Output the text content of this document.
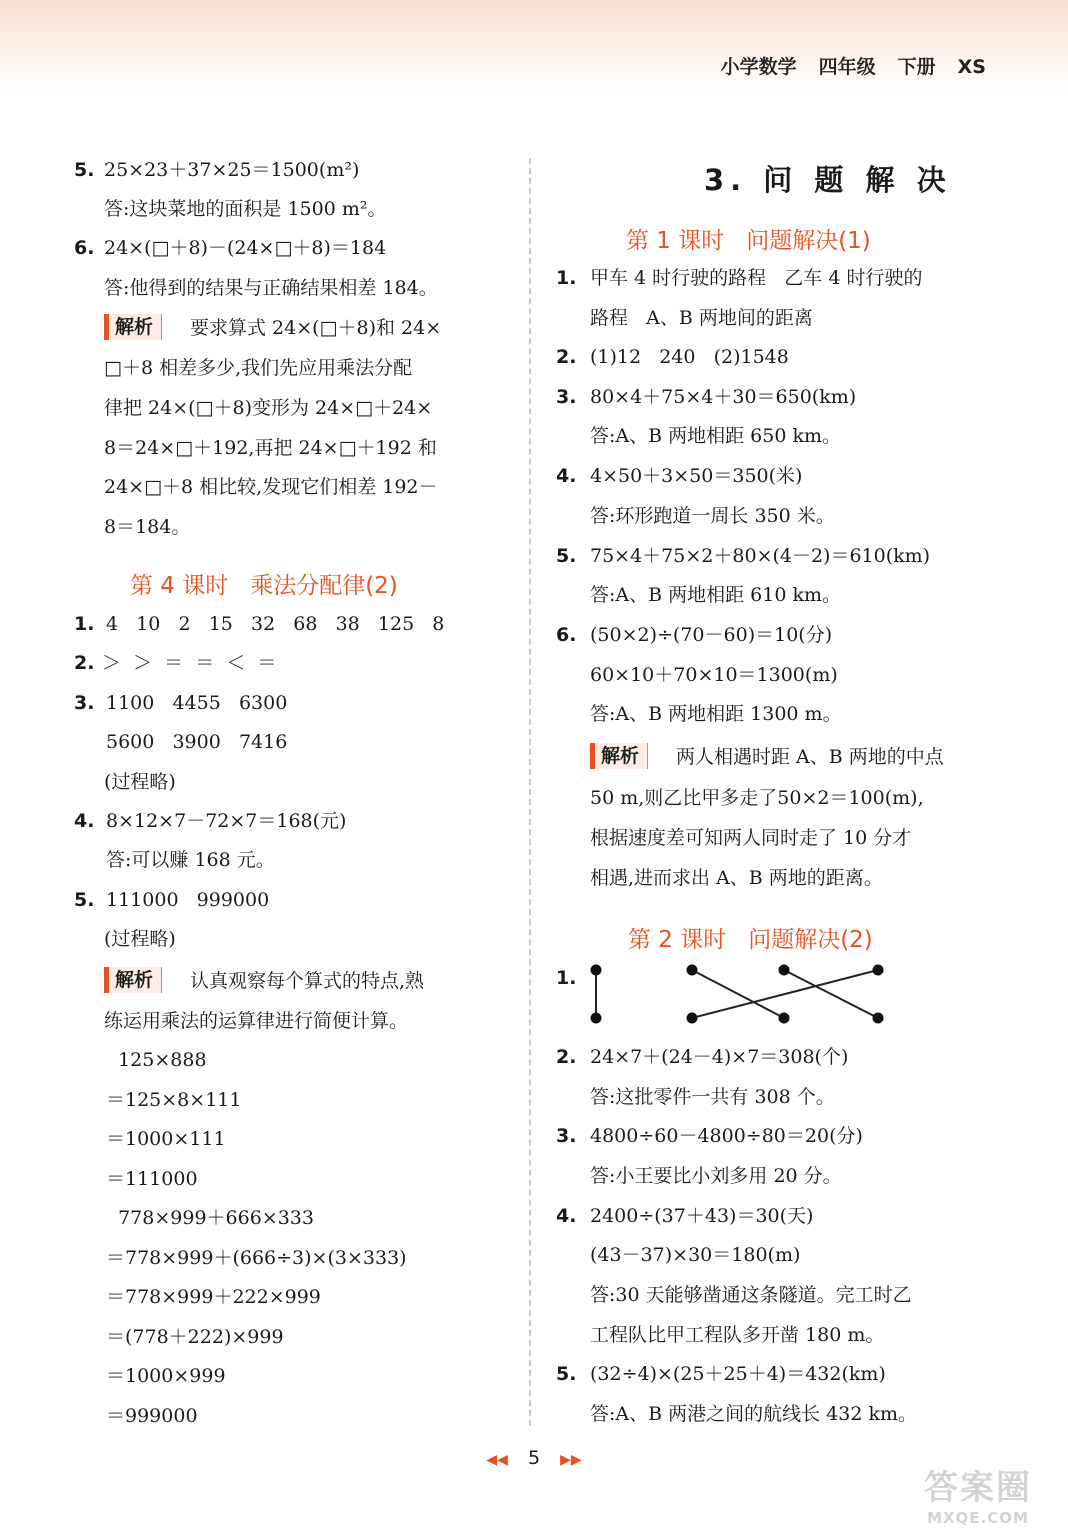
小学数学 四年级 下册 XS
5. 25×23＋37×25＝1500(m²)
答:这块菜地的面积是 1500 m²。
6. 24×(□＋8)－(24×□＋8)＝184
答:他得到的结果与正确结果相差 184。
解析	要求算式 24×(□＋8)和 24×
□＋8 相差多少,我们先应用乘法分配
律把 24×(□＋8)变形为 24×□＋24×
8＝24×□＋192,再把 24×□＋192 和
24×□＋8 相比较,发现它们相差 192－
8＝184。
第 4 课时   乘法分配律(2)
1. 4   10   2   15   32   68   38   125   8
2. ＞  ＞  ＝  ＝  ＜  ＝
3. 1100   4455   6300
5600   3900   7416
(过程略)
4. 8×12×7－72×7＝168(元)
答:可以赚 168 元。
5. 111000   999000
(过程略)
解析	认真观察每个算式的特点,熟
练运用乘法的运算律进行简便计算。
125×888
＝125×8×111
＝1000×111
＝111000
778×999＋666×333
＝778×999＋(666÷3)×(3×333)
＝778×999＋222×999
＝(778＋222)×999
＝1000×999
＝999000
3. 问 题 解 决
第 1 课时   问题解决(1)
1. 甲车 4 时行驶的路程   乙车 4 时行驶的
路程   A、B 两地间的距离
2. (1)12   240   (2)1548
3. 80×4＋75×4＋30＝650(km)
答:A、B 两地相距 650 km。
4. 4×50＋3×50＝350(米)
答:环形跑道一周长 350 米。
5. 75×4＋75×2＋80×(4－2)＝610(km)
答:A、B 两地相距 610 km。
6. (50×2)÷(70－60)＝10(分)
60×10＋70×10＝1300(m)
答:A、B 两地相距 1300 m。
解析	两人相遇时距 A、B 两地的中点
50 m,则乙比甲多走了50×2＝100(m),
根据速度差可知两人同时走了 10 分才
相遇,进而求出 A、B 两地的距离。
第 2 课时   问题解决(2)
1.
2. 24×7＋(24－4)×7＝308(个)
答:这批零件一共有 308 个。
3. 4800÷60－4800÷80＝20(分)
答:小王要比小刘多用 20 分。
4. 2400÷(37＋43)＝30(天)
(43－37)×30＝180(m)
答:30 天能够凿通这条隧道。完工时乙
工程队比甲工程队多开凿 180 m。
5. (32÷4)×(25＋25＋4)＝432(km)
答:A、B 两港之间的航线长 432 km。
◀◀ 5 ▶▶
答案圈
MXQE.COM
